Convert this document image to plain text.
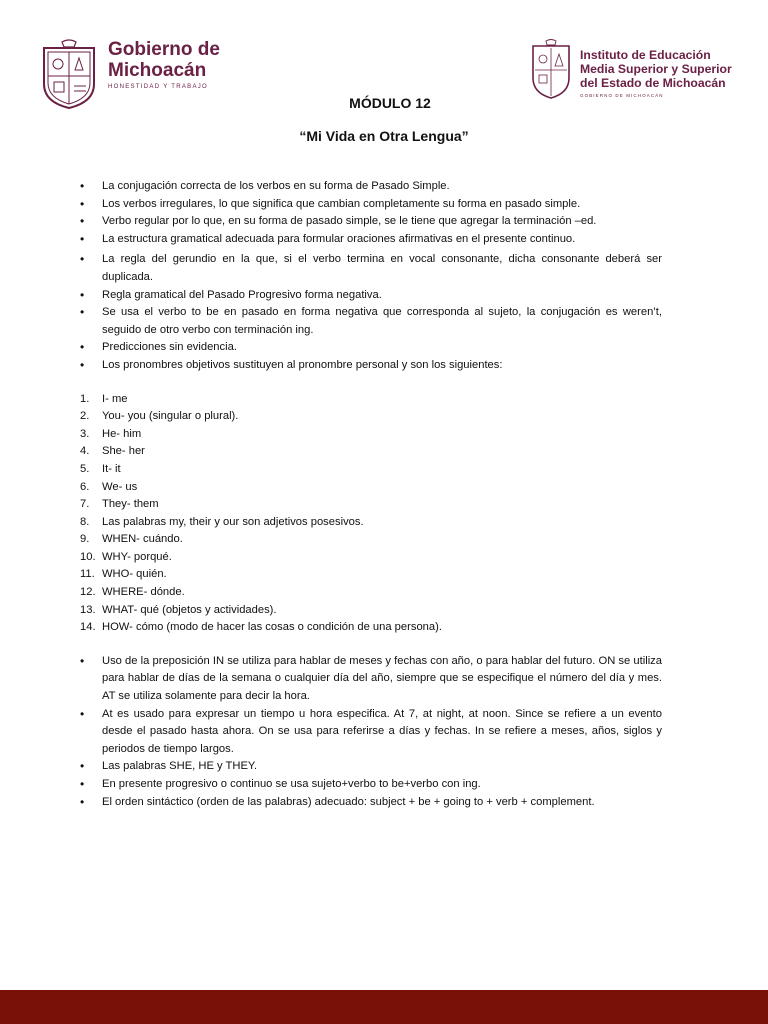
Gobierno de
Michoacán
HONESTIDAD Y TRABAJO
Instituto de Educación
Media Superior y Superior
del Estado de Michoacán
GOBIERNO DE MICHOACÁN
MÓDULO 12
“Mi Vida en Otra Lengua”
• La conjugación correcta de los verbos en su forma de Pasado Simple.
• Los verbos irregulares, lo que significa que cambian completamente su forma en pasado simple.
• Verbo regular por lo que, en su forma de pasado simple, se le tiene que agregar la terminación –ed.
• La estructura gramatical adecuada para formular oraciones afirmativas en el presente continuo.
• La regla del gerundio en la que, si el verbo termina en vocal consonante, dicha consonante deberá ser duplicada.
• Regla gramatical del Pasado Progresivo forma negativa.
• Se usa el verbo to be en pasado en forma negativa que corresponda al sujeto, la conjugación es weren’t, seguido de otro verbo con terminación ing.
• Predicciones sin evidencia.
• Los pronombres objetivos sustituyen al pronombre personal y son los siguientes:
1. I- me
2. You- you (singular o plural).
3. He- him
4. She- her
5. It- it
6. We- us
7. They- them
8. Las palabras my, their y our son adjetivos posesivos.
9. WHEN- cuándo.
10. WHY- porqué.
11. WHO- quién.
12. WHERE- dónde.
13. WHAT- qué (objetos y actividades).
14. HOW- cómo (modo de hacer las cosas o condición de una persona).
• Uso de la preposición IN se utiliza para hablar de meses y fechas con año, o para hablar del futuro. ON se utiliza para hablar de días de la semana o cualquier día del año, siempre que se especifique el número del día y mes. AT se utiliza solamente para decir la hora.
• At es usado para expresar un tiempo u hora especifica. At 7, at night, at noon. Since se refiere a un evento desde el pasado hasta ahora. On se usa para referirse a días y fechas. In se refiere a meses, años, siglos y periodos de tiempo largos.
• Las palabras SHE, HE y THEY.
• En presente progresivo o continuo se usa sujeto+verbo to be+verbo con ing.
• El orden sintáctico (orden de las palabras) adecuado: subject + be + going to + verb + complement.
